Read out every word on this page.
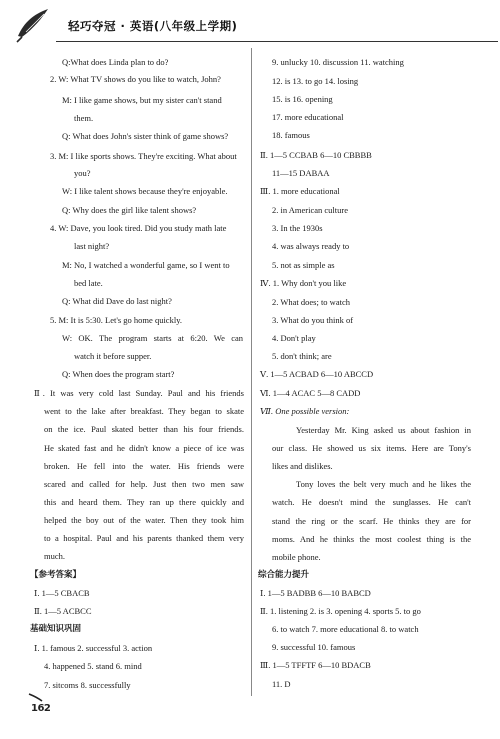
轻巧夺冠 · 英语(八年级上学期)
Q:What does Linda plan to do?
2. W: What TV shows do you like to watch, John?
M: I like game shows, but my sister can't stand
them.
Q: What does John's sister think of game shows?
3. M: I like sports shows. They're exciting. What about
you?
W: I like talent shows because they're enjoyable.
Q: Why does the girl like talent shows?
4. W: Dave, you look tired. Did you study math late
last night?
M: No, I watched a wonderful game, so I went to
bed late.
Q: What did Dave do last night?
5. M: It is 5:30. Let's go home quickly.
W: OK. The program starts at 6:20. We can
watch it before supper.
Q: When does the program start?
Ⅱ. It was very cold last Sunday. Paul and his friends
went to the lake after breakfast. They began to skate
on the ice. Paul skated better than his four friends.
He skated fast and he didn't know a piece of ice was
broken. He fell into the water. His friends were
scared and called for help. Just then two men saw
this and heard them. They ran up there quickly and
helped the boy out of the water. Then they took him
to a hospital. Paul and his parents thanked them very
much.
【参考答案】
Ⅰ. 1—5 CBACB
Ⅱ. 1—5 ACBCC
基础知识巩固
Ⅰ. 1. famous 2. successful 3. action
4. happened 5. stand 6. mind
7. sitcoms 8. successfully
9. unlucky 10. discussion 11. watching
12. is 13. to go 14. losing
15. is 16. opening
17. more educational
18. famous
Ⅱ. 1—5 CCBAB 6—10 CBBBB
11—15 DABAA
Ⅲ. 1. more educational
2. in American culture
3. In the 1930s
4. was always ready to
5. not as simple as
Ⅳ. 1. Why don't you like
2. What does; to watch
3. What do you think of
4. Don't play
5. don't think; are
Ⅴ. 1—5 ACBAD 6—10 ABCCD
Ⅵ. 1—4 ACAC 5—8 CADD
Ⅶ. One possible version:
Yesterday Mr. King asked us about fashion in
our class. He showed us six items. Here are Tony's
likes and dislikes.
Tony loves the belt very much and he likes the
watch. He doesn't mind the sunglasses. He can't
stand the ring or the scarf. He thinks they are for
moms. And he thinks the most coolest thing is the
mobile phone.
综合能力提升
Ⅰ. 1—5 BADBB 6—10 BABCD
Ⅱ. 1. listening 2. is 3. opening 4. sports 5. to go
6. to watch 7. more educational 8. to watch
9. successful 10. famous
Ⅲ. 1—5 TFFTF 6—10 BDACB
11. D
162
